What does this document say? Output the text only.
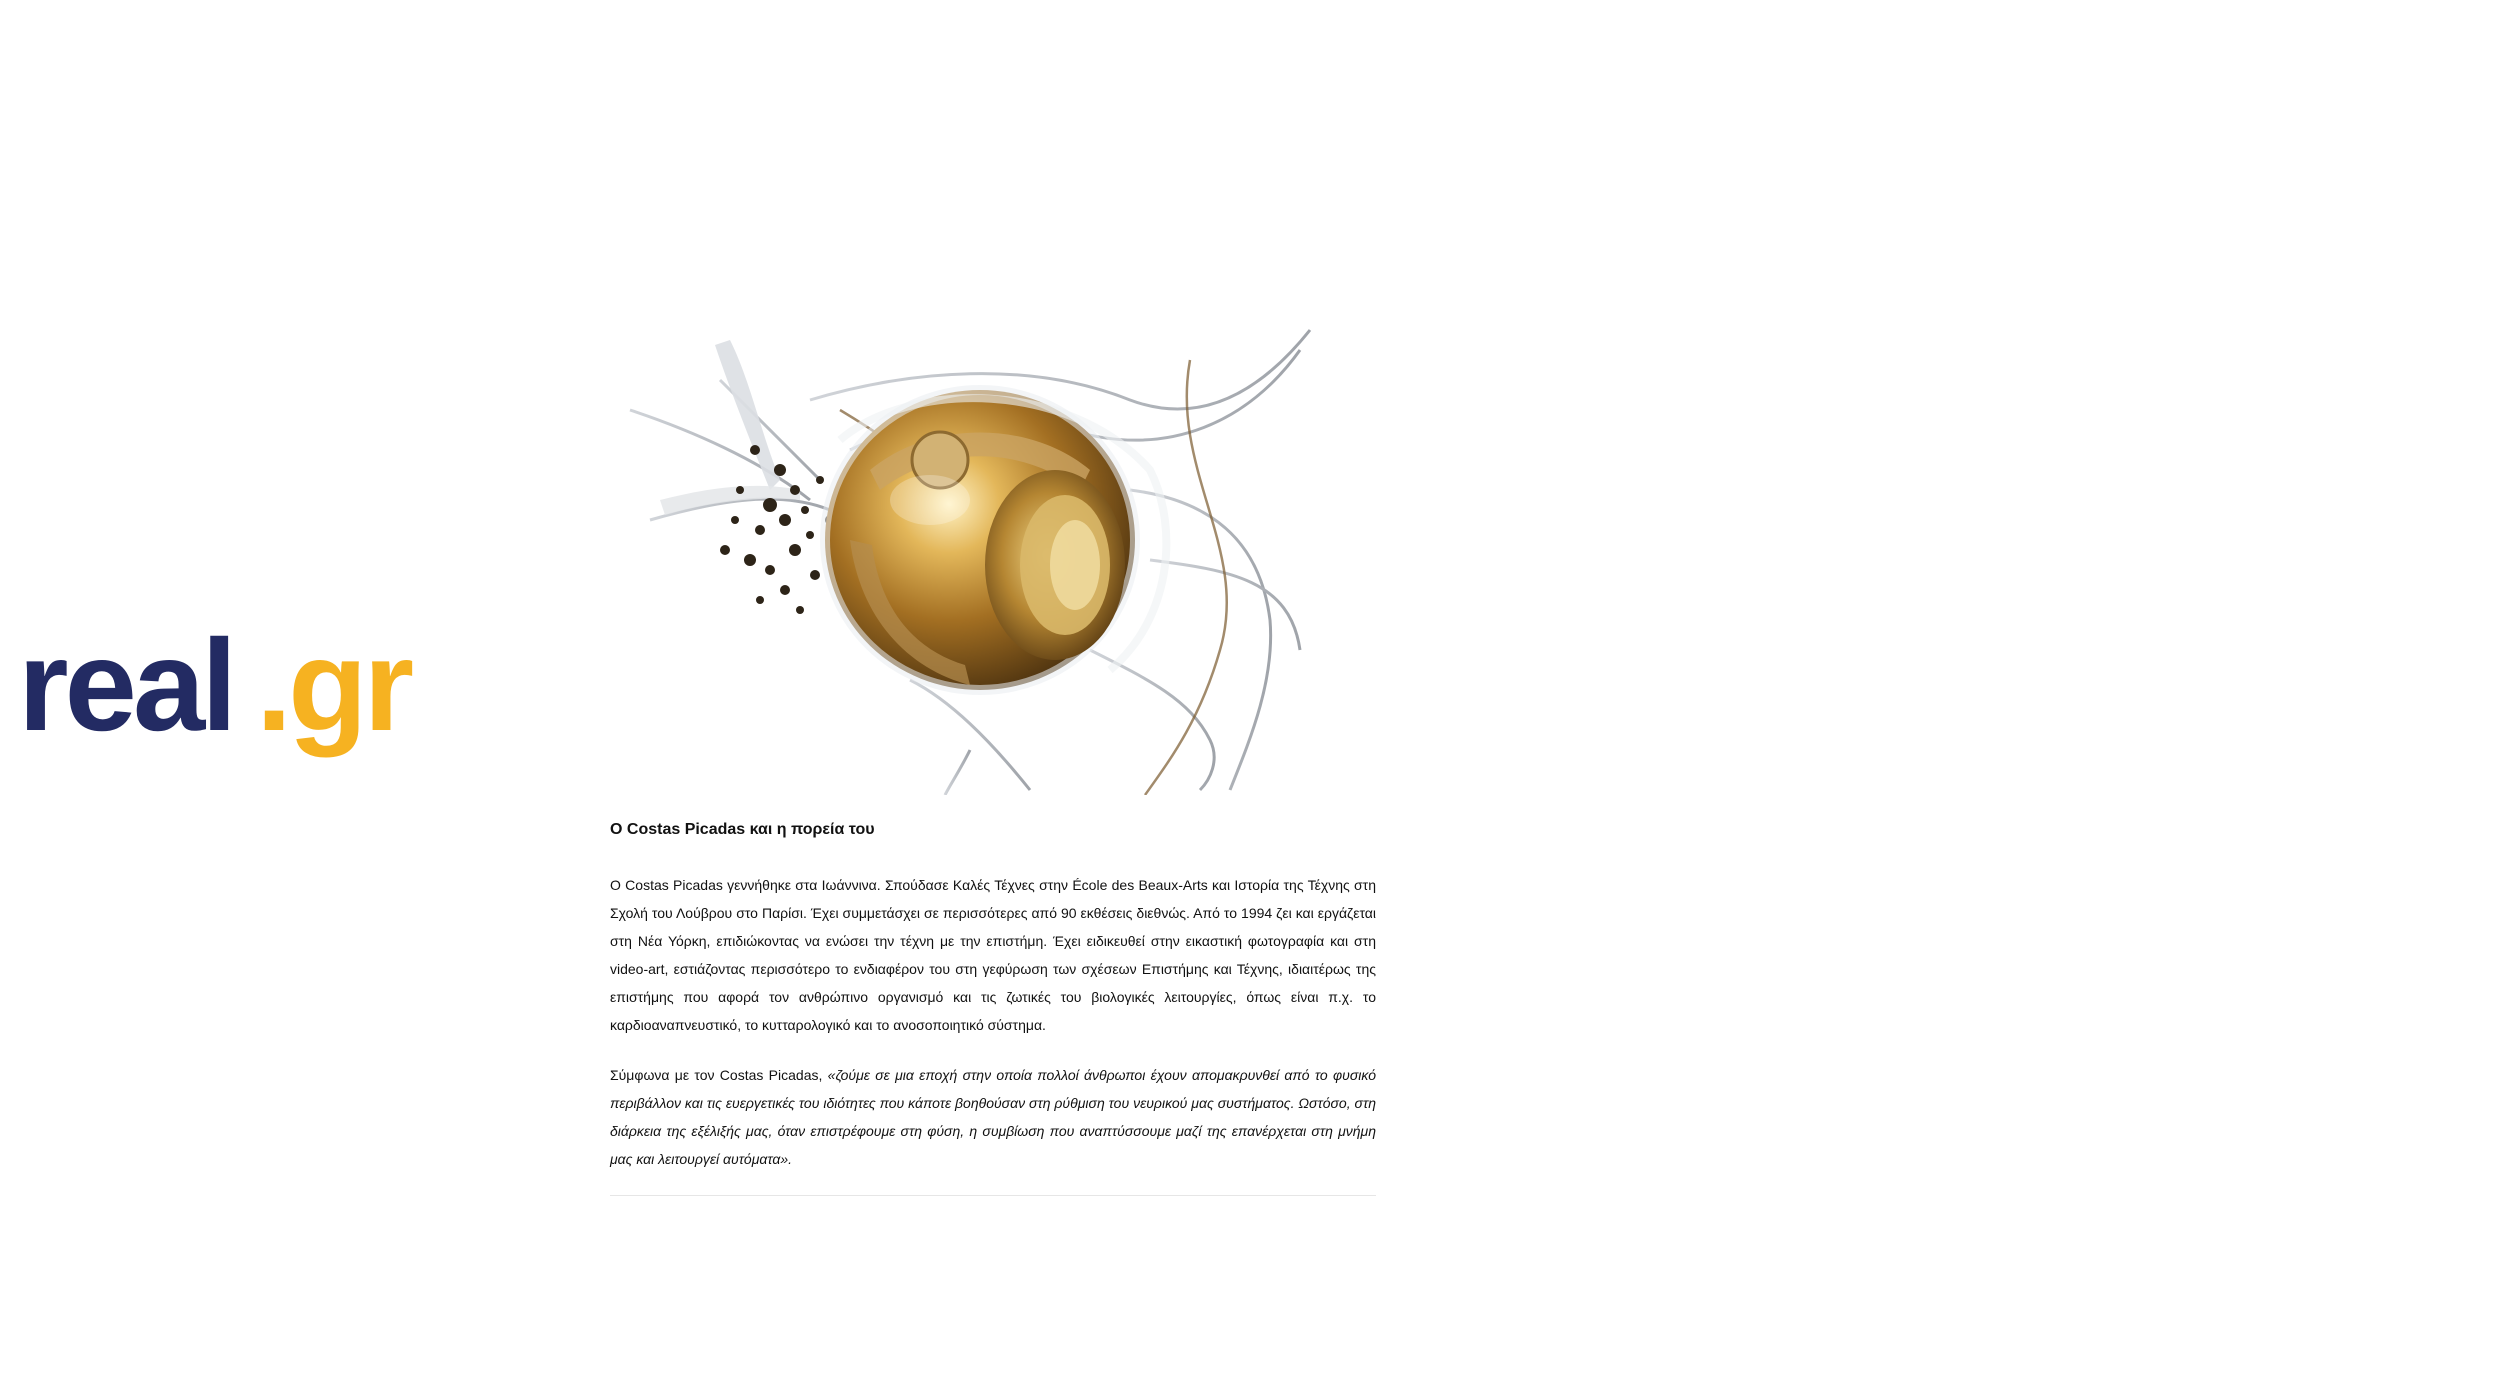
real .gr
Ο Costas Picadas και η πορεία του

Ο Costas Picadas γεννήθηκε στα Ιωάννινα. Σπούδασε Καλές Τέχνες στην École des Beaux-Arts και Ιστορία της Τέχνης στη Σχολή του Λούβρου στο Παρίσι. Έχει συμμετάσχει σε περισσότερες από 90 εκθέσεις διεθνώς. Από το 1994 ζει και εργάζεται στη Νέα Υόρκη, επιδιώκοντας να ενώσει την τέχνη με την επιστήμη. Έχει ειδικευθεί στην εικαστική φωτογραφία και στη video-art, εστιάζοντας περισσότερο το ενδιαφέρον του στη γεφύρωση των σχέσεων Επιστήμης και Τέχνης, ιδιαιτέρως της επιστήμης που αφορά τον ανθρώπινο οργανισμό και τις ζωτικές του βιολογικές λειτουργίες, όπως είναι π.χ. το καρδιοαναπνευστικό, το κυτταρολογικό και το ανοσοποιητικό σύστημα.

Σύμφωνα με τον Costas Picadas, «ζούμε σε μια εποχή στην οποία πολλοί άνθρωποι έχουν απομακρυνθεί από το φυσικό περιβάλλον και τις ευεργετικές του ιδιότητες που κάποτε βοηθούσαν στη ρύθμιση του νευρικού μας συστήματος. Ωστόσο, στη διάρκεια της εξέλιξής μας, όταν επιστρέφουμε στη φύση, η συμβίωση που αναπτύσσουμε μαζί της επανέρχεται στη μνήμη μας και λειτουργεί αυτόματα».
